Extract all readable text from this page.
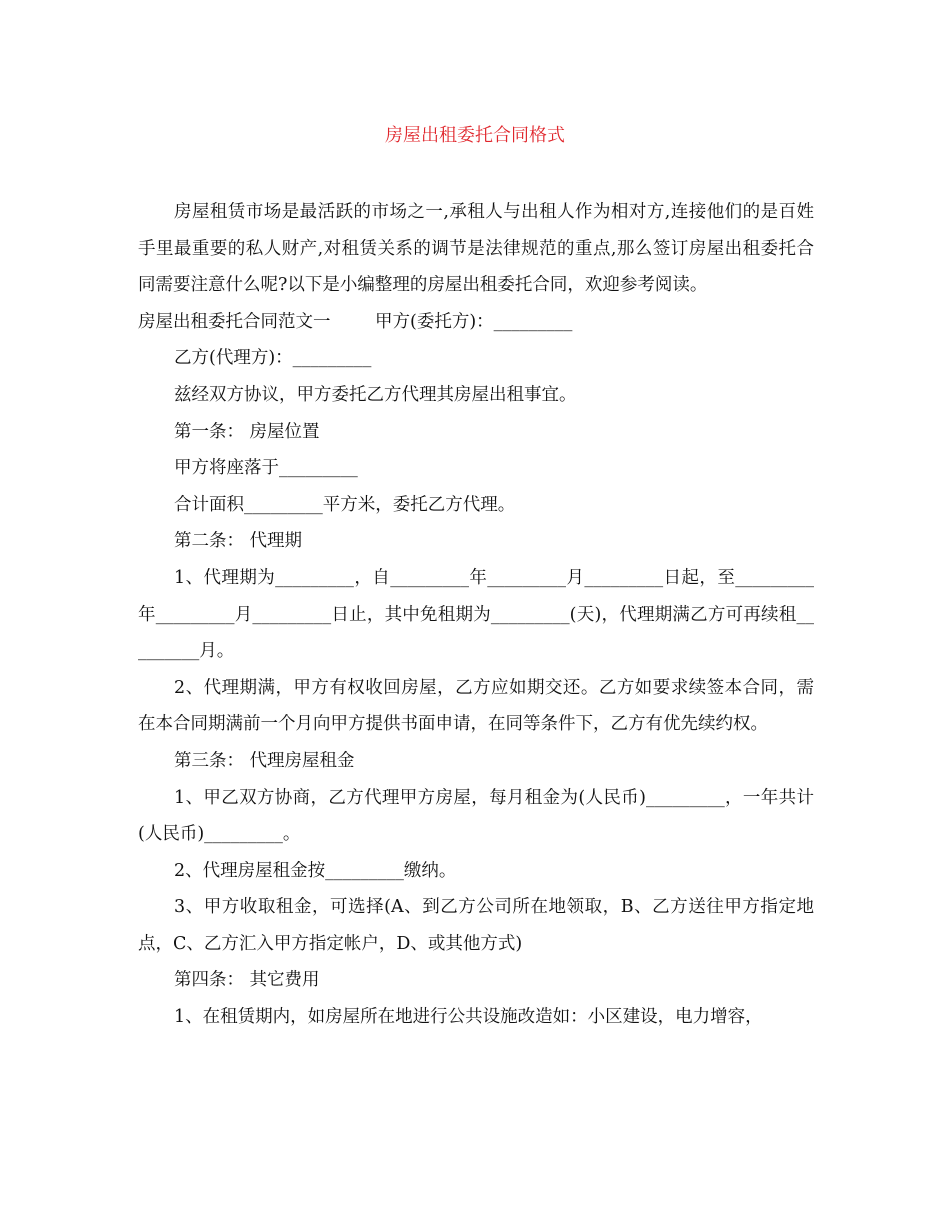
房屋出租委托合同格式

房屋租赁市场是最活跃的市场之一,承租人与出租人作为相对方,连接他们的是百姓手里最重要的私人财产,对租赁关系的调节是法律规范的重点,那么签订房屋出租委托合同需要注意什么呢?以下是小编整理的房屋出租委托合同，欢迎参考阅读。

房屋出租委托合同范文一        甲方(委托方)：_________

乙方(代理方)：_________

兹经双方协议，甲方委托乙方代理其房屋出租事宜。

第一条： 房屋位置

甲方将座落于_________

合计面积_________平方米，委托乙方代理。

第二条： 代理期

1、代理期为_________，自_________年_________月_________日起，至_________年_________月_________日止，其中免租期为_________(天)，代理期满乙方可再续租_________月。

2、代理期满，甲方有权收回房屋，乙方应如期交还。乙方如要求续签本合同，需在本合同期满前一个月向甲方提供书面申请，在同等条件下，乙方有优先续约权。

第三条： 代理房屋租金

1、甲乙双方协商，乙方代理甲方房屋，每月租金为(人民币)_________，一年共计(人民币)_________。

2、代理房屋租金按_________缴纳。

3、甲方收取租金，可选择(A、到乙方公司所在地领取，B、乙方送往甲方指定地点，C、乙方汇入甲方指定帐户，D、或其他方式)

第四条： 其它费用

1、在租赁期内，如房屋所在地进行公共设施改造如：小区建设，电力增容，
